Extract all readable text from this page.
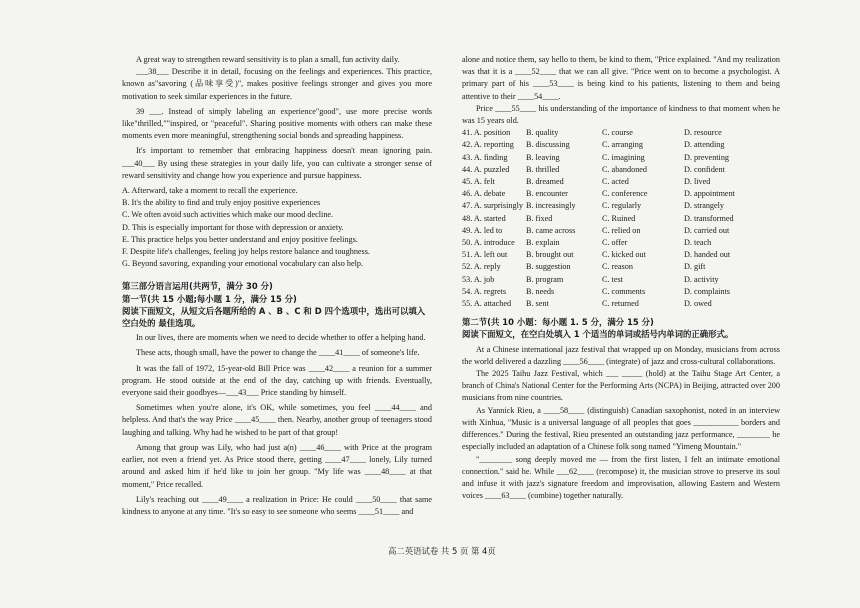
A great way to strengthen reward sensitivity is to plan a small, fun activity daily.

___38___ Describe it in detail, focusing on the feelings and experiences. This practice, known as"savoring (品味享受)", makes positive feelings stronger and gives you more motivation to seek similar experiences in the future.

39 ___. Instead of simply labeling an experience"good", use more precise words like"thrilled,""inspired, or "peaceful". Sharing positive moments with others can make these moments even more meaningful, strengthening social bonds and spreading happiness.

It's important to remember that embracing happiness doesn't mean ignoring pain. ___40___ By using these strategies in your daily life, you can cultivate a stronger sense of reward sensitivity and change how you experience and pursue happiness.

A. Afterward, take a moment to recall the experience.
B. It's the ability to find and truly enjoy positive experiences
C. We often avoid such activities which make our mood decline.
D. This is especially important for those with depression or anxiety.
E. This practice helps you better understand and enjoy positive feelings.
F. Despite life's challenges, feeling joy helps restore balance and toughness.
G. Beyond savoring, expanding your emotional vocabulary can also help.
第三部分语言运用(共两节，满分 30 分)
第一节(共 15 小题;每小题 1 分，满分 15 分)
阅读下面短文，从短文后各题所给的 A 、B 、C 和 D 四个选项中，选出可以填入空白处的 最佳选项。

In our lives, there are moments when we need to decide whether to offer a helping hand.

These acts, though small, have the power to change the ____41____ of someone's life.

It was the fall of 1972, 15-year-old Bill Price was ____42____ a reunion for a summer program. He stood outside at the end of the day, catching up with friends. Eventually, everyone said their goodbyes—___43___ Price standing by himself.

Sometimes when you're alone, it's OK, while sometimes, you feel ____44____ and helpless. And that's the way Price ____45____ then. Nearby, another group of teenagers stood laughing and talking. Why had he wished to be part of that group!

Among that group was Lily, who had just a(n) ____46____ with Price at the program earlier, not even a friend yet. As Price stood there, getting ____47____ lonely, Lily turned around and asked him if he'd like to join her group. "My life was ____48____ at that moment," Price recalled.

Lily's reaching out ____49____ a realization in Price: He could ____50____ that same kindness to anyone at any time. "It's so easy to see someone who seems ____51____ and

alone and notice them, say hello to them, be kind to them, "Price explained. "And my realization was that it is a ____52____ that we can all give. "Price went on to become a psychologist. A primary part of his ____53____ is being kind to his patients, listening to them and being attentive to their ____54____.

Price ____55____ his understanding of the importance of kindness to that moment when he was 15 years old.

41. A. position	B. quality	C. course	D. resource
42. A. reporting	B. discussing	C. arranging	D. attending
43. A. finding	B. leaving	C. imagining	D. preventing
44. A. puzzled	B. thrilled	C. abandoned	D. confident
45. A. felt	B. dreamed	C. acted	D. lived
46. A. debate	B. encounter	C. conference	D. appointment
47. A. surprisingly	B. increasingly	C. regularly	D. strangely
48. A. started	B. fixed	C. Ruined	D. transformed
49. A. led to	B. came across	C. relied on	D. carried out
50. A. introduce	B. explain	C. offer	D. teach
51. A. left out	B. brought out	C. kicked out	D. handed out
52. A. reply	B. suggestion	C. reason	D. gift
53. A. job	B. program	C. test	D. activity
54. A. regrets	B. needs	C. comments	D. complaints
55. A. attached	B. sent	C. returned	D. owed
第二节(共 10 小题：每小题 1. 5 分，满分 15 分)
阅读下面短文，在空白处填入 1 个适当的单词或括号内单词的正确形式。

At a Chinese international jazz festival that wrapped up on Monday, musicians from across the world delivered a dazzling ____56____ (integrate) of jazz and cross-cultural collaborations.

The 2025 Taihu Jazz Festival, which ___ _____ (hold) at the Taihu Stage Art Center, a branch of China's National Center for the Performing Arts (NCPA) in Beijing, attracted over 200 musicians from nine countries.

As Yannick Rieu, a ____58____ (distinguish) Canadian saxophonist, noted in an interview with Xinhua, "Music is a universal language of all peoples that goes ___________ borders and differences." During the festival, Rieu presented an outstanding jazz performance, ________ he especially included an adaptation of a Chinese folk song named "Yimeng Mountain."

"________ song deeply moved me — from the first listen, I felt an intimate emotional connection." said he. While ___62____ (recompose) it, the musician strove to preserve its soul and infuse it with jazz's signature freedom and improvisation, allowing Eastern and Western voices ____63____ (combine) together naturally.

高二英语试卷 共 5 页 第 4页
